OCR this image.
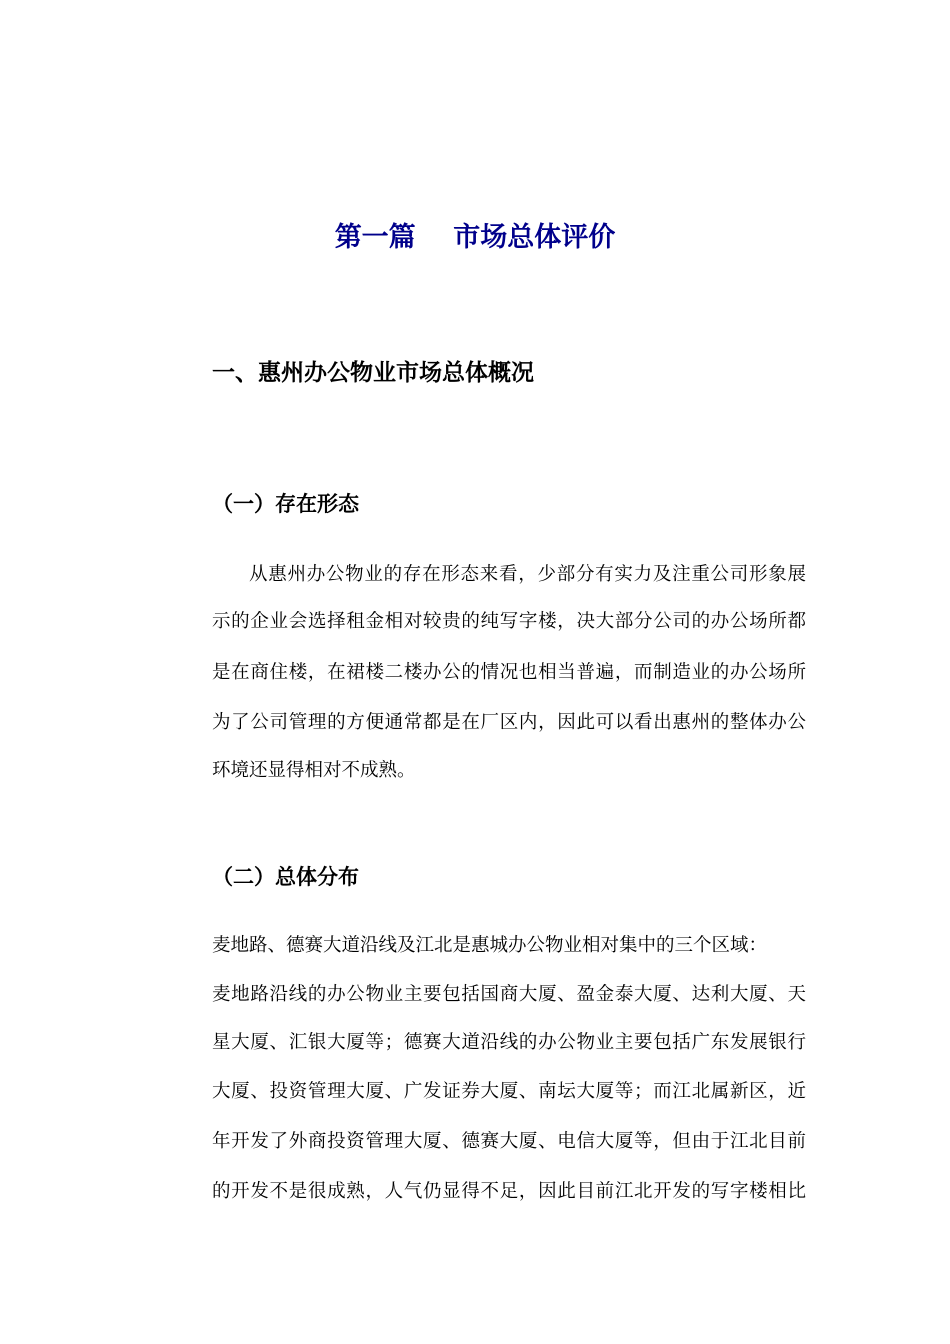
第一篇    市场总体评价
一、惠州办公物业市场总体概况
（一）存在形态
从惠州办公物业的存在形态来看，少部分有实力及注重公司形象展
示的企业会选择租金相对较贵的纯写字楼，决大部分公司的办公场所都
是在商住楼，在裙楼二楼办公的情况也相当普遍，而制造业的办公场所
为了公司管理的方便通常都是在厂区内，因此可以看出惠州的整体办公
环境还显得相对不成熟。
（二）总体分布
麦地路、德赛大道沿线及江北是惠城办公物业相对集中的三个区域：
麦地路沿线的办公物业主要包括国商大厦、盈金泰大厦、达利大厦、天
星大厦、汇银大厦等；德赛大道沿线的办公物业主要包括广东发展银行
大厦、投资管理大厦、广发证券大厦、南坛大厦等；而江北属新区，近
年开发了外商投资管理大厦、德赛大厦、电信大厦等，但由于江北目前
的开发不是很成熟，人气仍显得不足，因此目前江北开发的写字楼相比
